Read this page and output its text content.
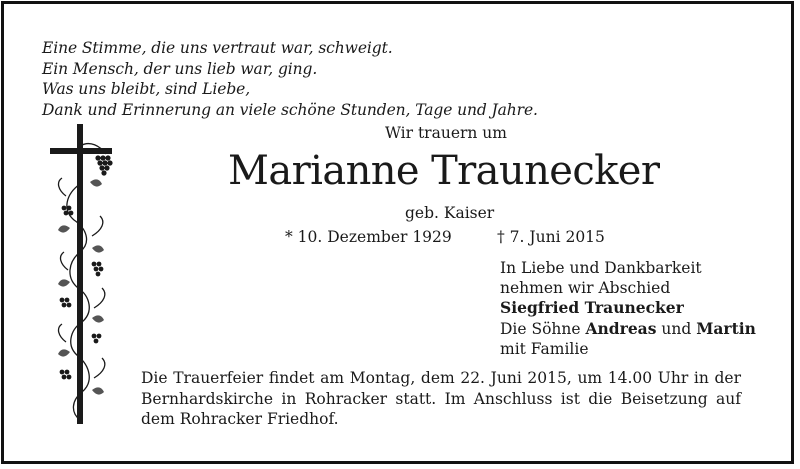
Eine Stimme, die uns vertraut war, schweigt.
Ein Mensch, der uns lieb war, ging.
Was uns bleibt, sind Liebe,
Dank und Erinnerung an viele schöne Stunden, Tage und Jahre.
Wir trauern um
Marianne Traunecker
geb. Kaiser
* 10. Dezember 1929	† 7. Juni 2015
In Liebe und Dankbarkeit
nehmen wir Abschied
Siegfried Traunecker
Die Söhne Andreas und Martin
mit Familie
Die Trauerfeier findet am Montag, dem 22. Juni 2015, um 14.00 Uhr in der Bernhardskirche in Rohracker statt. Im Anschluss ist die Beisetzung auf dem Rohracker Friedhof.
